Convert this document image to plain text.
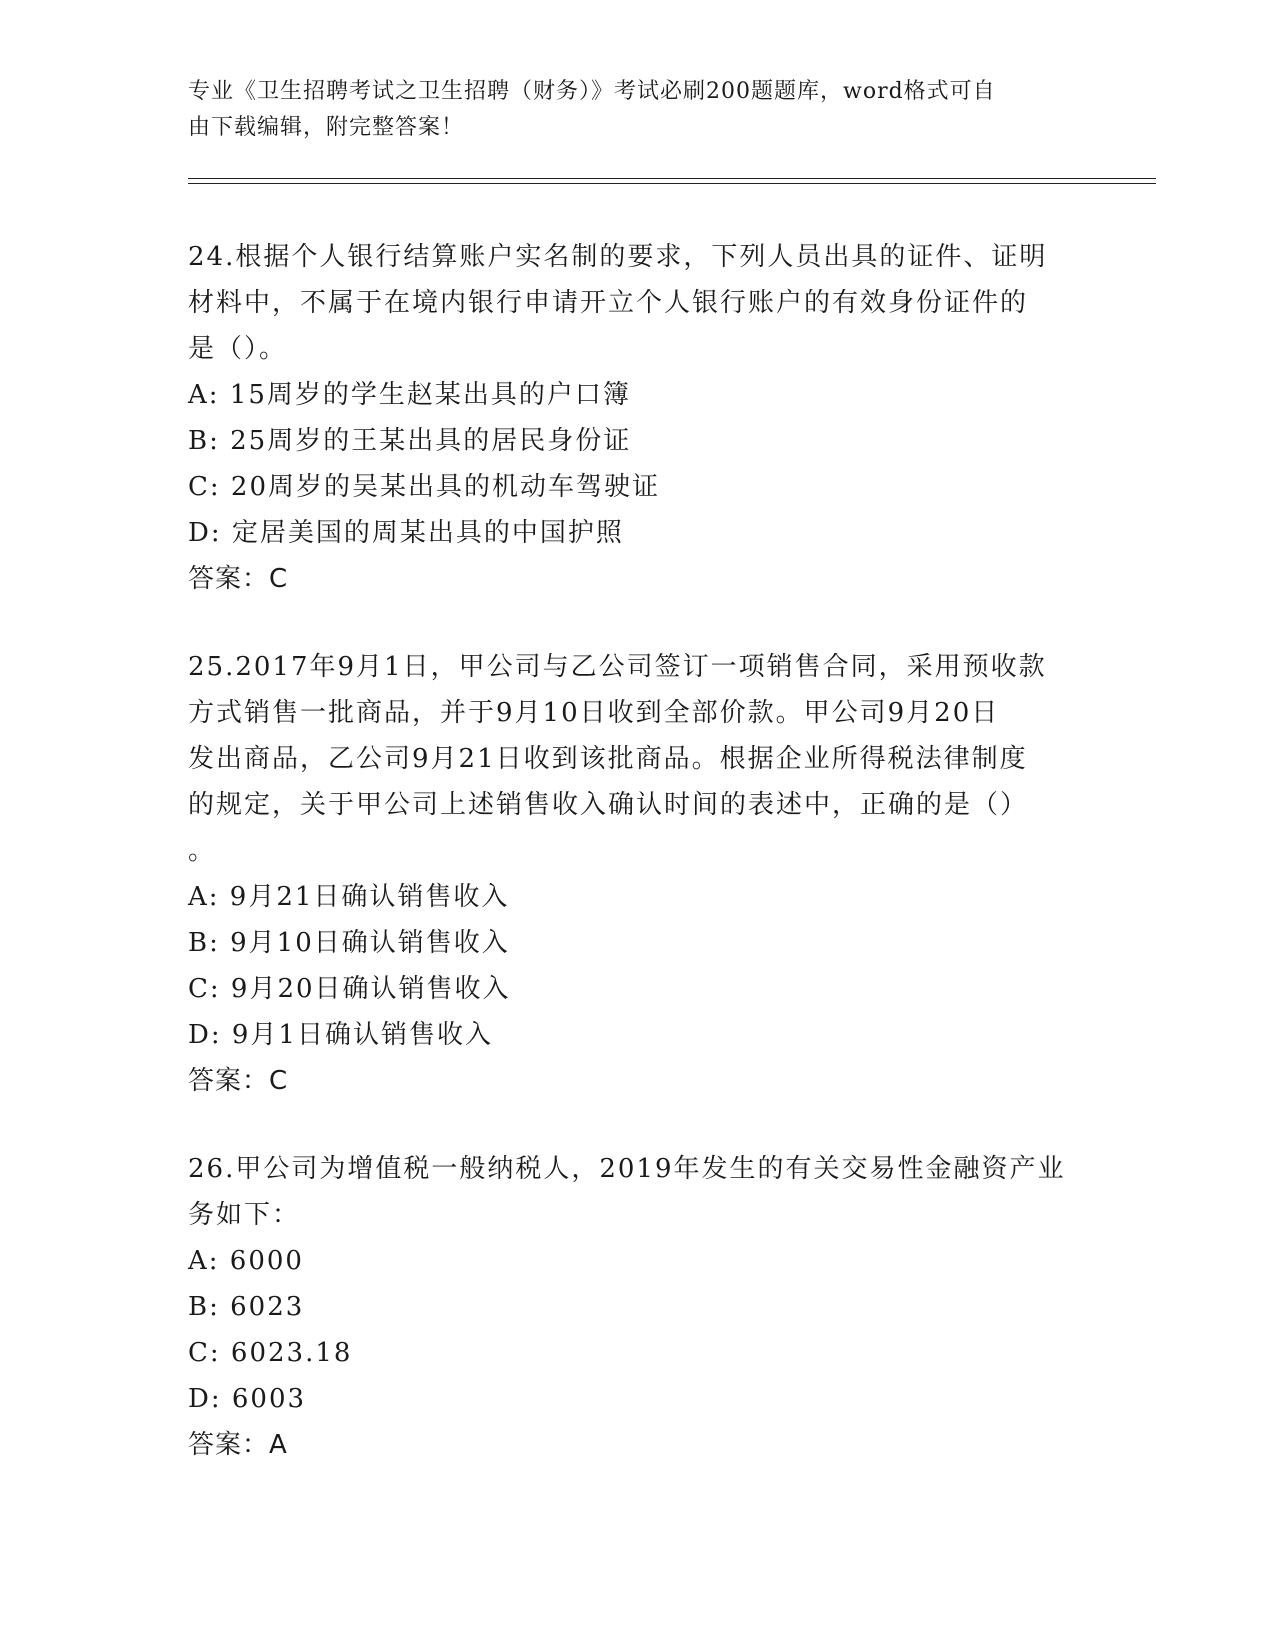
专业《卫生招聘考试之卫生招聘（财务）》考试必刷200题题库，word格式可自
由下载编辑，附完整答案！

24.根据个人银行结算账户实名制的要求，下列人员出具的证件、证明

材料中，不属于在境内银行申请开立个人银行账户的有效身份证件的

是（）。

A: 15周岁的学生赵某出具的户口簿

B: 25周岁的王某出具的居民身份证

C: 20周岁的吴某出具的机动车驾驶证

D: 定居美国的周某出具的中国护照

答案：C

25.2017年9月1日，甲公司与乙公司签订一项销售合同，采用预收款

方式销售一批商品，并于9月10日收到全部价款。甲公司9月20日

发出商品，乙公司9月21日收到该批商品。根据企业所得税法律制度

的规定，关于甲公司上述销售收入确认时间的表述中，正确的是（）

。

A: 9月21日确认销售收入

B: 9月10日确认销售收入

C: 9月20日确认销售收入

D: 9月1日确认销售收入

答案：C

26.甲公司为增值税一般纳税人，2019年发生的有关交易性金融资产业

务如下：

A: 6000

B: 6023

C: 6023.18

D: 6003

答案：A
